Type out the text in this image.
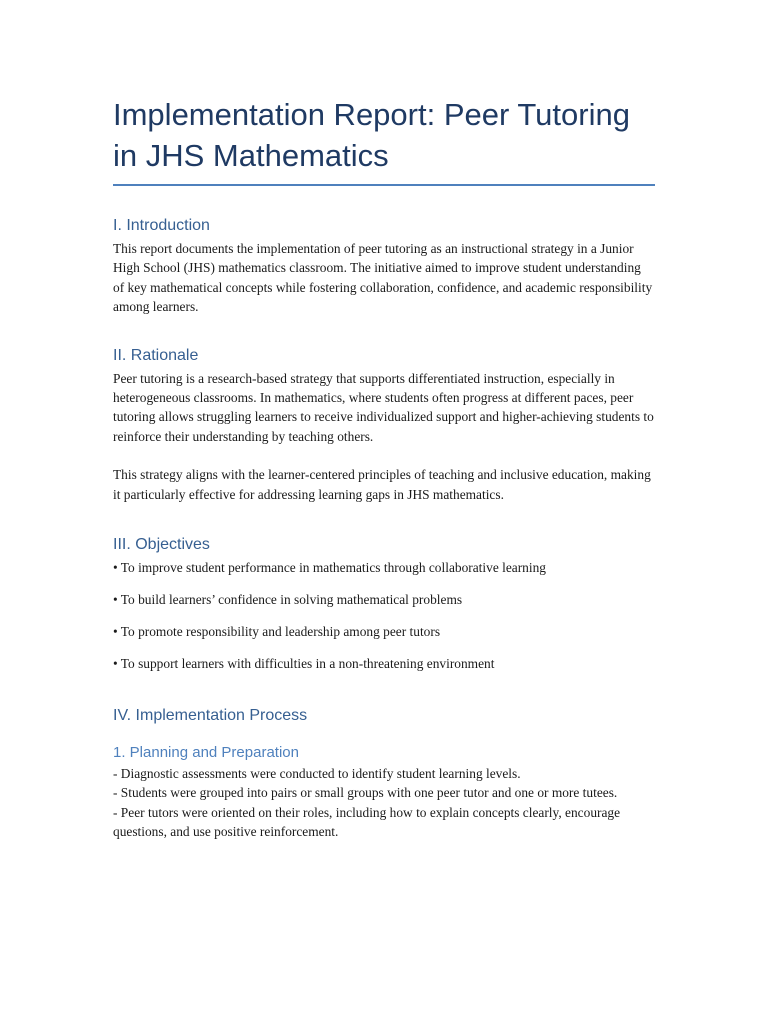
Implementation Report: Peer Tutoring in JHS Mathematics
I. Introduction

This report documents the implementation of peer tutoring as an instructional strategy in a Junior High School (JHS) mathematics classroom. The initiative aimed to improve student understanding of key mathematical concepts while fostering collaboration, confidence, and academic responsibility among learners.

II. Rationale

Peer tutoring is a research-based strategy that supports differentiated instruction, especially in heterogeneous classrooms. In mathematics, where students often progress at different paces, peer tutoring allows struggling learners to receive individualized support and higher-achieving students to reinforce their understanding by teaching others.

This strategy aligns with the learner-centered principles of teaching and inclusive education, making it particularly effective for addressing learning gaps in JHS mathematics.

III. Objectives

• To improve student performance in mathematics through collaborative learning

• To build learners’ confidence in solving mathematical problems

• To promote responsibility and leadership among peer tutors

• To support learners with difficulties in a non-threatening environment

IV. Implementation Process
1. Planning and Preparation

- Diagnostic assessments were conducted to identify student learning levels.

- Students were grouped into pairs or small groups with one peer tutor and one or more tutees.

- Peer tutors were oriented on their roles, including how to explain concepts clearly, encourage questions, and use positive reinforcement.
